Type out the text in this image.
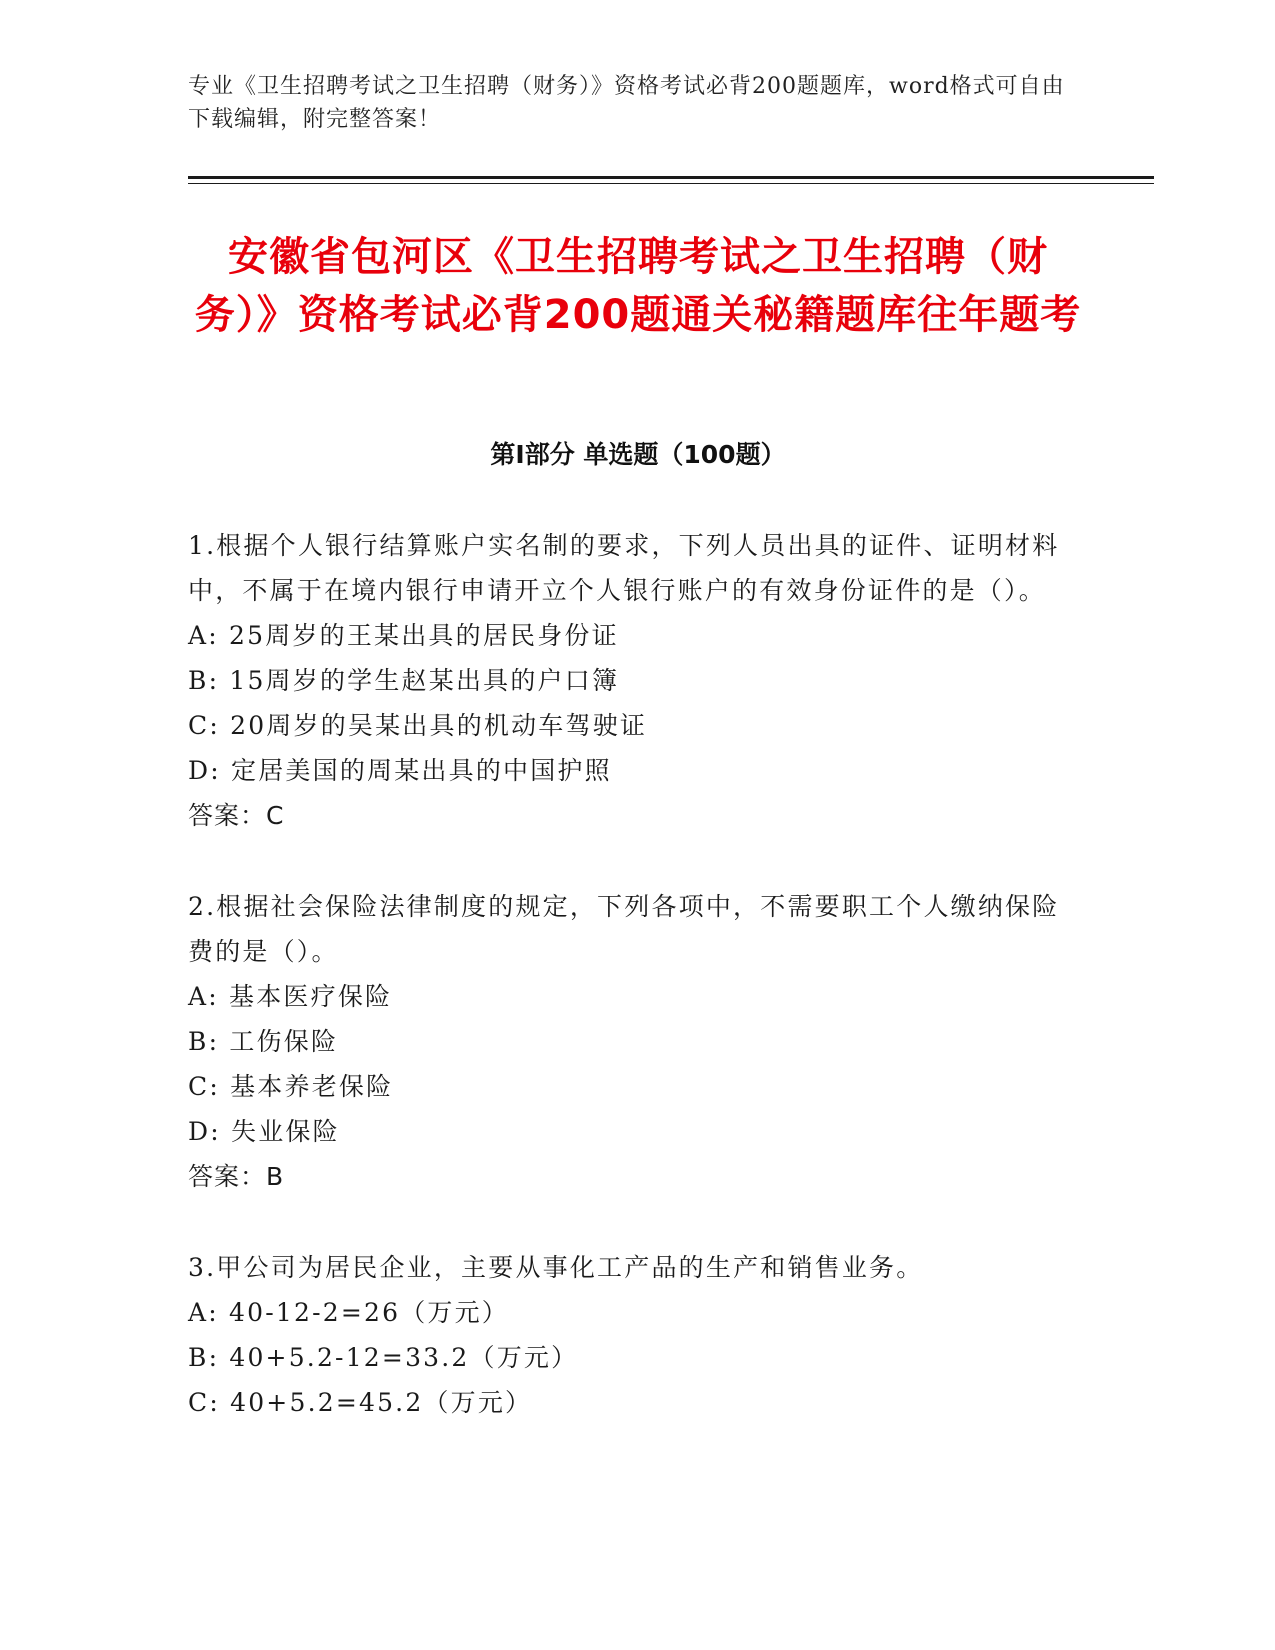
专业《卫生招聘考试之卫生招聘（财务）》资格考试必背200题题库，word格式可自由下载编辑，附完整答案！
安徽省包河区《卫生招聘考试之卫生招聘（财务）》资格考试必背200题通关秘籍题库往年题考
第Ⅰ部分 单选题（100题）

1.根据个人银行结算账户实名制的要求，下列人员出具的证件、证明材料中，不属于在境内银行申请开立个人银行账户的有效身份证件的是（）。

A: 25周岁的王某出具的居民身份证

B: 15周岁的学生赵某出具的户口簿

C: 20周岁的吴某出具的机动车驾驶证

D: 定居美国的周某出具的中国护照

答案：C

2.根据社会保险法律制度的规定，下列各项中，不需要职工个人缴纳保险费的是（）。

A: 基本医疗保险

B: 工伤保险

C: 基本养老保险

D: 失业保险

答案：B

3.甲公司为居民企业，主要从事化工产品的生产和销售业务。

A: 40-12-2=26（万元）

B: 40+5.2-12=33.2（万元）

C: 40+5.2=45.2（万元）
